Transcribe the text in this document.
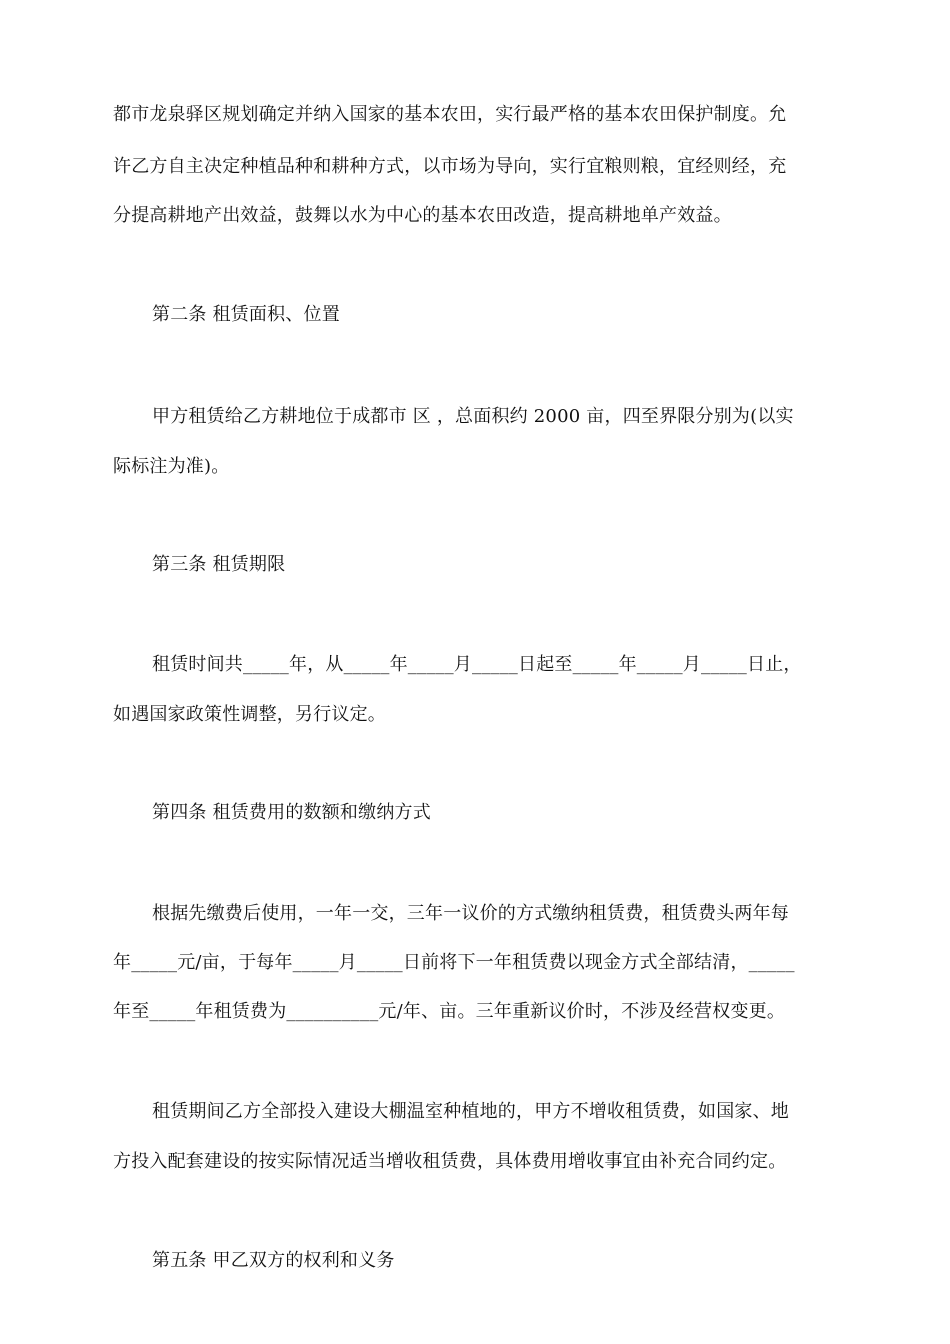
都市龙泉驿区规划确定并纳入国家的基本农田，实行最严格的基本农田保护制度。允
许乙方自主决定种植品种和耕种方式，以市场为导向，实行宜粮则粮，宜经则经，充
分提高耕地产出效益，鼓舞以水为中心的基本农田改造，提高耕地单产效益。
第二条 租赁面积、位置
甲方租赁给乙方耕地位于成都市 区 ，总面积约 2000 亩，四至界限分别为(以实
际标注为准)。
第三条 租赁期限
租赁时间共_____年，从_____年_____月_____日起至_____年_____月_____日止，
如遇国家政策性调整，另行议定。
第四条 租赁费用的数额和缴纳方式
根据先缴费后使用，一年一交，三年一议价的方式缴纳租赁费，租赁费头两年每
年_____元/亩，于每年_____月_____日前将下一年租赁费以现金方式全部结清，_____
年至_____年租赁费为__________元/年、亩。三年重新议价时，不涉及经营权变更。
租赁期间乙方全部投入建设大棚温室种植地的，甲方不增收租赁费，如国家、地
方投入配套建设的按实际情况适当增收租赁费，具体费用增收事宜由补充合同约定。
第五条 甲乙双方的权利和义务
